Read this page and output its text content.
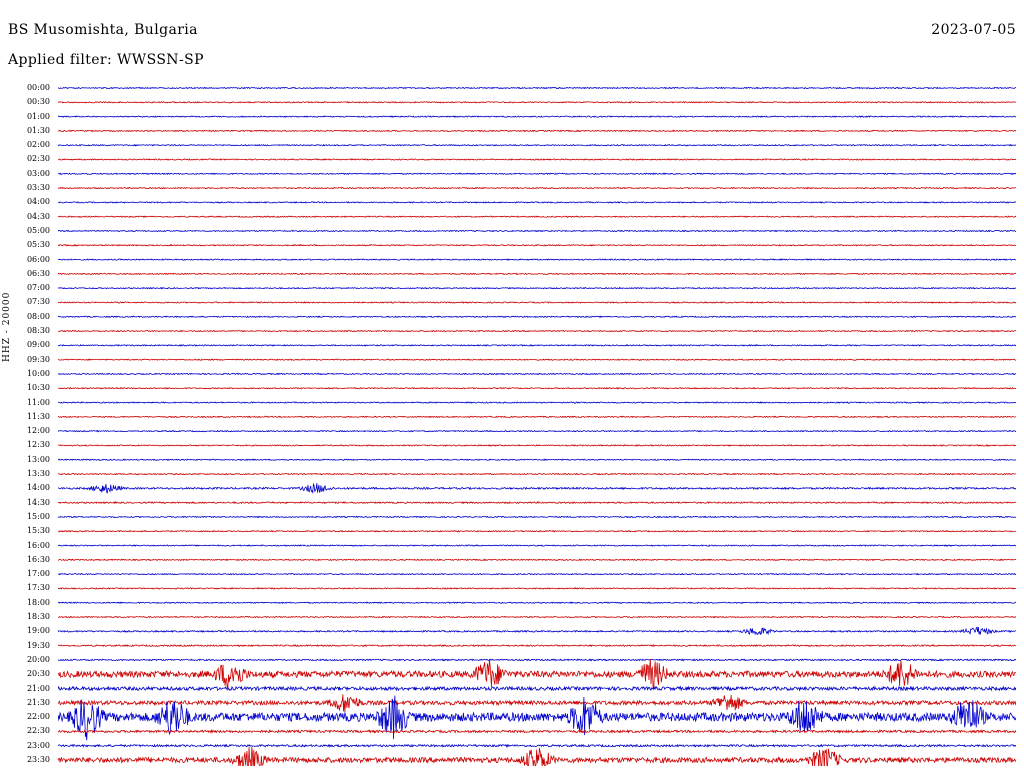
BS Musomishta, Bulgaria
Applied filter: WWSSN-SP
2023-07-05
HHZ - 20000
00:00
00:30
01:00
01:30
02:00
02:30
03:00
03:30
04:00
04:30
05:00
05:30
06:00
06:30
07:00
07:30
08:00
08:30
09:00
09:30
10:00
10:30
11:00
11:30
12:00
12:30
13:00
13:30
14:00
14:30
15:00
15:30
16:00
16:30
17:00
17:30
18:00
18:30
19:00
19:30
20:00
20:30
21:00
21:30
22:00
22:30
23:00
23:30
